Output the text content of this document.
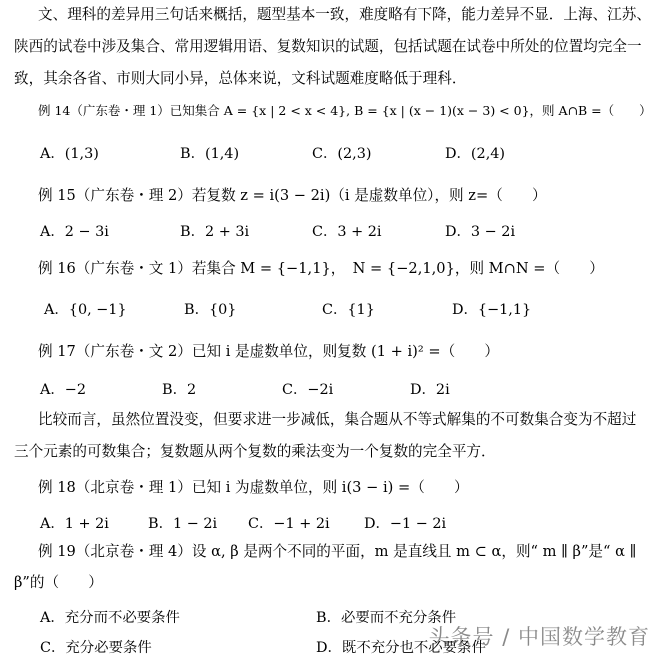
文、理科的差异用三句话来概括，题型基本一致，难度略有下降，能力差异不显．上海、江苏、
陕西的试卷中涉及集合、常用逻辑用语、复数知识的试题，包括试题在试卷中所处的位置均完全一
致，其余各省、市则大同小异，总体来说，文科试题难度略低于理科．
例 14（广东卷・理 1）已知集合 A = {x | 2 < x < 4}, B = {x | (x − 1)(x − 3) < 0}，则 A∩B =（　　）
A．(1,3)	B．(1,4)	C．(2,3)	D．(2,4)
例 15（广东卷・理 2）若复数 z = i(3 − 2i)（i 是虚数单位），则 z=（　　）
A．2 − 3i	B．2 + 3i	C．3 + 2i	D．3 − 2i
例 16（广东卷・文 1）若集合 M = {−1,1}，　N = {−2,1,0}，则 M∩N =（　　）
A．{0, −1}	B．{0}	C．{1}	D．{−1,1}
例 17（广东卷・文 2）已知 i 是虚数单位，则复数 (1 + i)² =（　　）
A．−2	B．2	C．−2i	D．2i
比较而言，虽然位置没变，但要求进一步减低，集合题从不等式解集的不可数集合变为不超过
三个元素的可数集合；复数题从两个复数的乘法变为一个复数的完全平方．
例 18（北京卷・理 1）已知 i 为虚数单位，则 i(3 − i) =（　　）
A．1 + 2i	B．1 − 2i C．−1 + 2i D．−1 − 2i
例 19（北京卷・理 4）设 α, β 是两个不同的平面，m 是直线且 m ⊂ α，则“ m ∥ β”是“ α ∥
β”的（　　）
A．充分而不必要条件	B．必要而不充分条件
C．充分必要条件	D．既不充分也不必要条件
头条号 / 中国数学教育
